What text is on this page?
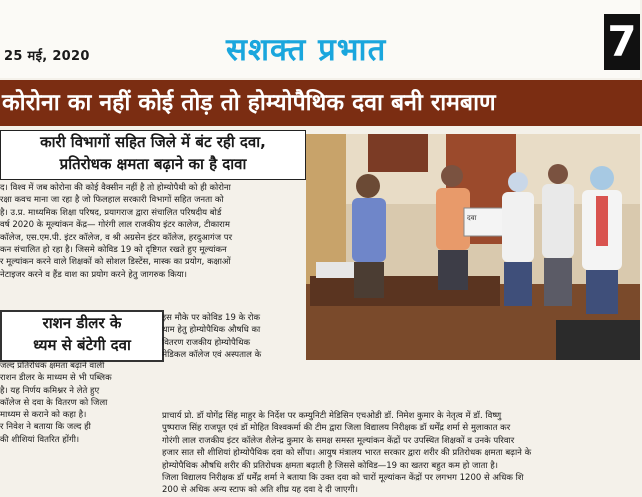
25 मई, 2020	सशक्त प्रभात	7
कोरोना का नहीं कोई तोड़ तो होम्योपैथिक दवा बनी रामबाण
कारी विभागों सहित जिले में बंट रही दवा,
प्रतिरोधक क्षमता बढ़ाने का है दावा

द। विश्व में जब कोरोना की कोई वैक्सीन नहीं है तो होम्योपैथी को ही कोरोना

रक्षा कवच माना जा रहा है जो फिलहाल सरकारी विभागों सहित जनता को

है। उ.प्र. माध्यमिक शिक्षा परिषद, प्रयागराज द्वारा संचालित परिषदीय बोर्ड

वर्ष 2020 के मूल्यांकन केंद्र— गोरंगी लाल राजकीय इंटर कालेज, टीकाराम

कॉलेज, एस.एम.पी. इंटर कॉलेज, व श्री अग्रसेन इंटर कॉलेज, हरदुआगंज पर

कन संचालित हो रहा है। जिसमे कोविड 19 को दृष्टिगत रखते हुए मूल्यांकन

र मूल्यांकन करने वाले शिक्षकों को सोशल डिस्टेंस, मास्क का प्रयोग, कक्षाओं

नेटाइजर करने व हैंड वाश का प्रयोग करने हेतु जागरुक किया।

दवा
राशन डीलर के
ध्यम से बंटेगी दवा

जल्द प्रतिरोधक क्षमता बढ़ाने वाली

राशन डीलर के माध्यम से भी पब्लिक

है। यह निर्णय कमिश्नर ने लेते हुए

कॉलेज से दवा के वितरण को जिला

माध्यम से कराने को कहा है।

र निवेश ने बताया कि जल्द ही

की शीशियां वितरित होंगी।

इस मौके पर कोविड 19 के रोक

थाम हेतु होम्योपैथिक औषधि का

वितरण राजकीय होम्योपैथिक

मेडिकल कॉलेज एवं अस्पताल के

प्राचार्य प्रो. डॉ योगेंद्र सिंह माहुर के निर्देश पर कम्युनिटी मेडिसिन एचओडी डॉ. निमेश कुमार के नेतृत्व में डॉ. विष्णु

पुष्पराज सिंह राजपूत एवं डॉ मोहित विश्वकर्मा की टीम द्वारा जिला विद्यालय निरीक्षक डॉ धर्मेंद्र शर्मा से मुलाकात कर

गोरंगी लाल राजकीय इंटर कॉलेज शैलेन्द्र कुमार के समक्ष समस्त मूल्यांकन केंद्रों पर उपस्थित शिक्षकों व उनके परिवार

हजार सात सौ शीशियां होम्योपैथिक दवा को सौंपा। आयुष मंत्रालय भारत सरकार द्वारा शरीर की प्रतिरोधक क्षमता बढ़ाने के

होम्योपैथिक औषधि शरीर की प्रतिरोधक क्षमता बढ़ाती है जिससे कोविड—19 का खतरा बहुत कम हो जाता है।

जिला विद्यालय निरीक्षक डॉ धर्मेंद्र शर्मा ने बताया कि उक्त दवा को चारों मूल्यांकन केंद्रों पर लगभग 1200 से अधिक शि

200 से अधिक अन्य स्टाफ को अति शीघ्र यह दवा दे दी जाएगी।
